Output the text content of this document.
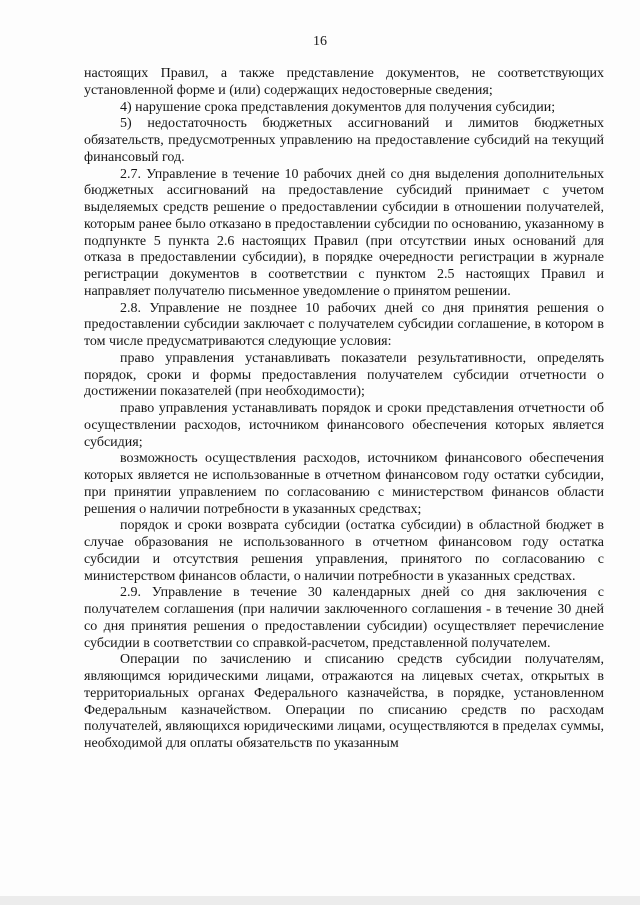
16

настоящих Правил, а также представление документов, не соответствующих установленной форме и (или) содержащих недостоверные сведения;

4) нарушение срока представления документов для получения субсидии;

5) недостаточность бюджетных ассигнований и лимитов бюджетных обязательств, предусмотренных управлению на предоставление субсидий на текущий финансовый год.

2.7. Управление в течение 10 рабочих дней со дня выделения дополнительных бюджетных ассигнований на предоставление субсидий принимает с учетом выделяемых средств решение о предоставлении субсидии в отношении получателей, которым ранее было отказано в предоставлении субсидии по основанию, указанному в подпункте 5 пункта 2.6 настоящих Правил (при отсутствии иных оснований для отказа в предоставлении субсидии), в порядке очередности регистрации в журнале регистрации документов в соответствии с пунктом 2.5 настоящих Правил и направляет получателю письменное уведомление о принятом решении.

2.8. Управление не позднее 10 рабочих дней со дня принятия решения о предоставлении субсидии заключает с получателем субсидии соглашение, в котором в том числе предусматриваются следующие условия:

право управления устанавливать показатели результативности, определять порядок, сроки и формы предоставления получателем субсидии отчетности о достижении показателей (при необходимости);

право управления устанавливать порядок и сроки представления отчетности об осуществлении расходов, источником финансового обеспечения которых является субсидия;

возможность осуществления расходов, источником финансового обеспечения которых является не использованные в отчетном финансовом году остатки субсидии, при принятии управлением по согласованию с министерством финансов области решения о наличии потребности в указанных средствах;

порядок и сроки возврата субсидии (остатка субсидии) в областной бюджет в случае образования не использованного в отчетном финансовом году остатка субсидии и отсутствия решения управления, принятого по согласованию с министерством финансов области, о наличии потребности в указанных средствах.

2.9. Управление в течение 30 календарных дней со дня заключения с получателем соглашения (при наличии заключенного соглашения - в течение 30 дней со дня принятия решения о предоставлении субсидии) осуществляет перечисление субсидии в соответствии со справкой-расчетом, представленной получателем.

Операции по зачислению и списанию средств субсидии получателям, являющимся юридическими лицами, отражаются на лицевых счетах, открытых в территориальных органах Федерального казначейства, в порядке, установленном Федеральным казначейством. Операции по списанию средств по расходам получателей, являющихся юридическими лицами, осуществляются в пределах суммы, необходимой для оплаты обязательств по указанным
